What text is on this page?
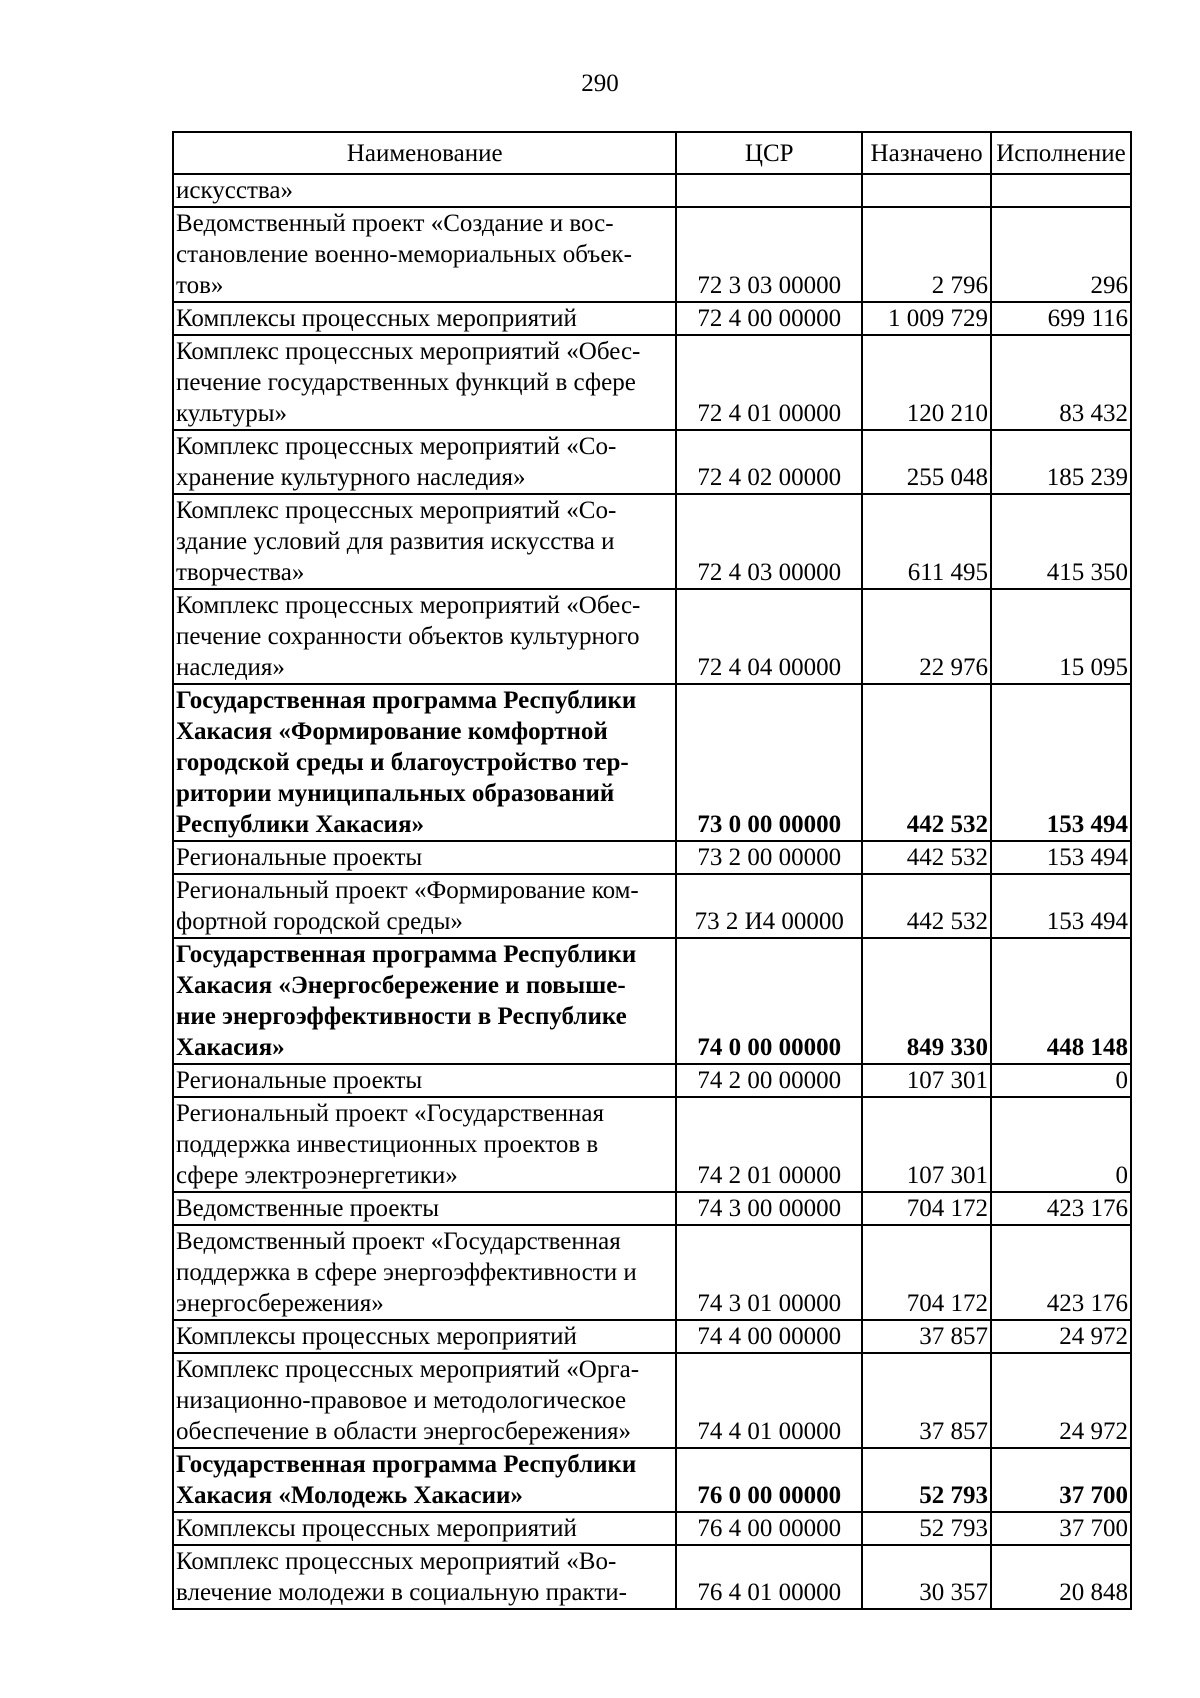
290
Наименование	ЦСР	Назначено	Исполнение
искусства»			
Ведомственный проект «Создание и вос-
становление военно-мемориальных объек-
тов»	72 3 03 00000	2 796	296
Комплексы процессных мероприятий	72 4 00 00000	1 009 729	699 116
Комплекс процессных мероприятий «Обес-
печение государственных функций в сфере
культуры»	72 4 01 00000	120 210	83 432
Комплекс процессных мероприятий «Со-
хранение культурного наследия»	72 4 02 00000	255 048	185 239
Комплекс процессных мероприятий «Со-
здание условий для развития искусства и
творчества»	72 4 03 00000	611 495	415 350
Комплекс процессных мероприятий «Обес-
печение сохранности объектов культурного
наследия»	72 4 04 00000	22 976	15 095
Государственная программа Республики
Хакасия «Формирование комфортной
городской среды и благоустройство тер-
ритории муниципальных образований
Республики Хакасия»	73 0 00 00000	442 532	153 494
Региональные проекты	73 2 00 00000	442 532	153 494
Региональный проект «Формирование ком-
фортной городской среды»	73 2 И4 00000	442 532	153 494
Государственная программа Республики
Хакасия «Энергосбережение и повыше-
ние энергоэффективности в Республике
Хакасия»	74 0 00 00000	849 330	448 148
Региональные проекты	74 2 00 00000	107 301	0
Региональный проект «Государственная
поддержка инвестиционных проектов в
сфере электроэнергетики»	74 2 01 00000	107 301	0
Ведомственные проекты	74 3 00 00000	704 172	423 176
Ведомственный проект «Государственная
поддержка в сфере энергоэффективности и
энергосбережения»	74 3 01 00000	704 172	423 176
Комплексы процессных мероприятий	74 4 00 00000	37 857	24 972
Комплекс процессных мероприятий «Орга-
низационно-правовое и методологическое
обеспечение в области энергосбережения»	74 4 01 00000	37 857	24 972
Государственная программа Республики
Хакасия «Молодежь Хакасии»	76 0 00 00000	52 793	37 700
Комплексы процессных мероприятий	76 4 00 00000	52 793	37 700
Комплекс процессных мероприятий «Во-
влечение молодежи в социальную практи-	76 4 01 00000	30 357	20 848
